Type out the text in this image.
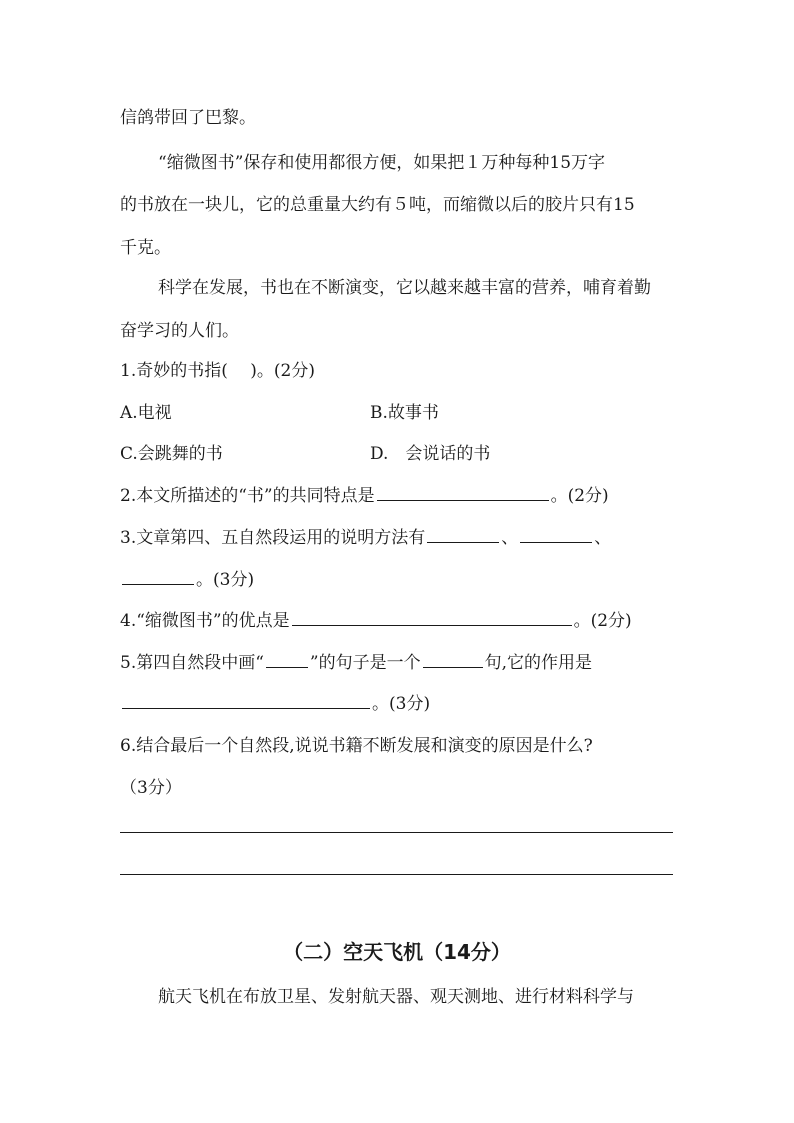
信鸽带回了巴黎。
“缩微图书”保存和使用都很方便，如果把１万种每种15万字
的书放在一块儿，它的总重量大约有５吨，而缩微以后的胶片只有15
千克。
科学在发展，书也在不断演变，它以越来越丰富的营养，哺育着勤
奋学习的人们。
1.奇妙的书指(　 )。(2分)
A.电视	B.故事书
C.会跳舞的书	D.　会说话的书
2.本文所描述的“书”的共同特点是	。(2分)
3.文章第四、五自然段运用的说明方法有	、	、
。(3分)
4.“缩微图书”的优点是	。(2分)
5.第四自然段中画“	”的句子是一个	句,它的作用是
。(3分)
6.结合最后一个自然段,说说书籍不断发展和演变的原因是什么?
（3分）
（二）空天飞机（14分）
航天飞机在布放卫星、发射航天器、观天测地、进行材料科学与
